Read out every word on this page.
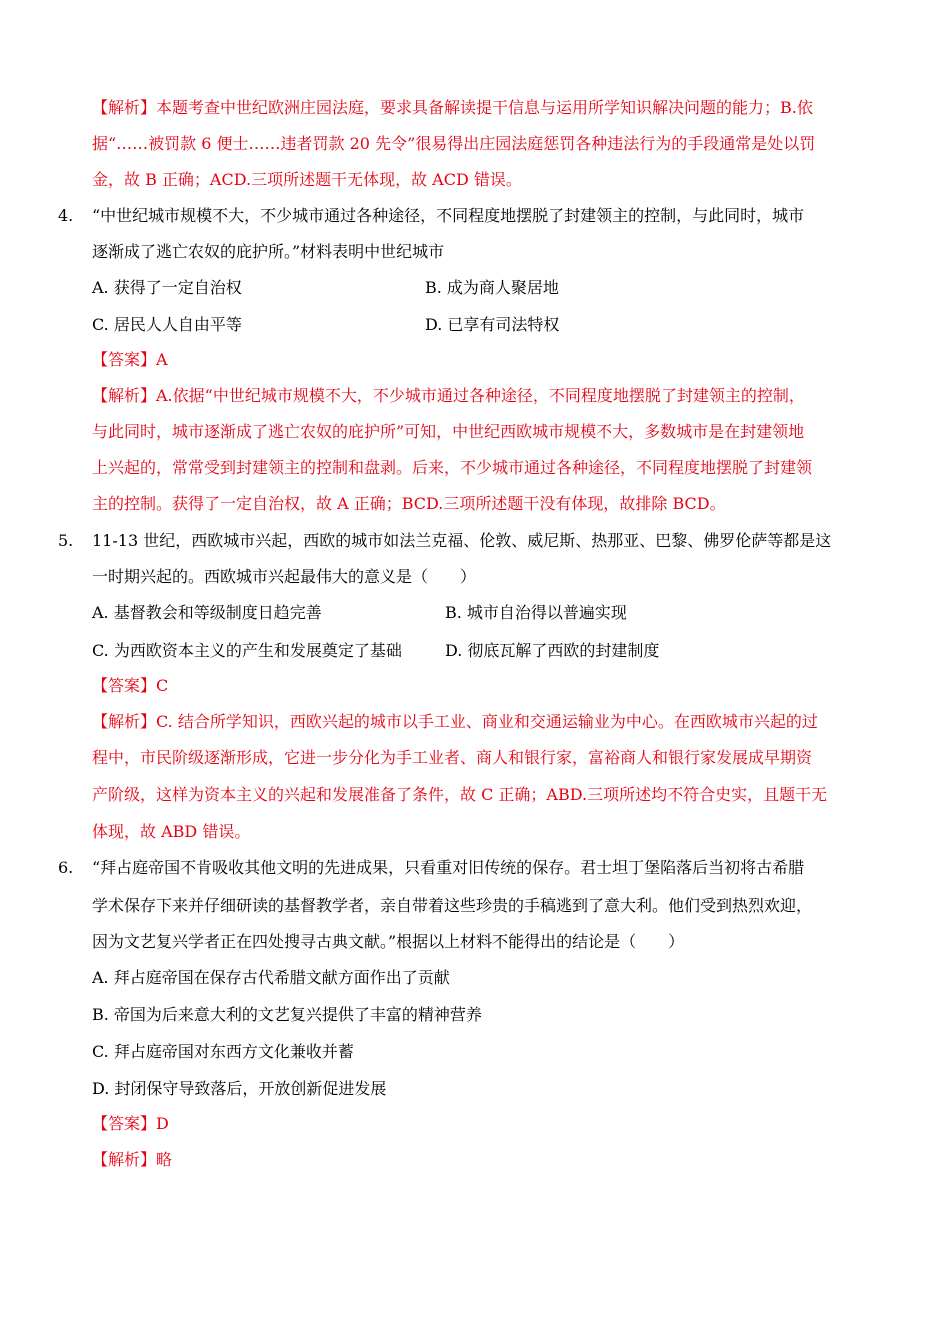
【解析】本题考查中世纪欧洲庄园法庭，要求具备解读提干信息与运用所学知识解决问题的能力；B.依
据“……被罚款 6 便士……违者罚款 20 先令”很易得出庄园法庭惩罚各种违法行为的手段通常是处以罚
金，故 B 正确；ACD.三项所述题干无体现，故 ACD 错误。
4. “中世纪城市规模不大，不少城市通过各种途径，不同程度地摆脱了封建领主的控制，与此同时，城市
逐渐成了逃亡农奴的庇护所。”材料表明中世纪城市
A. 获得了一定自治权	B. 成为商人聚居地
C. 居民人人自由平等	D. 已享有司法特权
【答案】A
【解析】A.依据“中世纪城市规模不大，不少城市通过各种途径，不同程度地摆脱了封建领主的控制，
与此同时，城市逐渐成了逃亡农奴的庇护所”可知，中世纪西欧城市规模不大，多数城市是在封建领地
上兴起的，常常受到封建领主的控制和盘剥。后来，不少城市通过各种途径，不同程度地摆脱了封建领
主的控制。获得了一定自治权，故 A 正确；BCD.三项所述题干没有体现，故排除 BCD。
5. 11-13 世纪，西欧城市兴起，西欧的城市如法兰克福、伦敦、威尼斯、热那亚、巴黎、佛罗伦萨等都是这
一时期兴起的。西欧城市兴起最伟大的意义是（　　）
A. 基督教会和等级制度日趋完善	B. 城市自治得以普遍实现
C. 为西欧资本主义的产生和发展奠定了基础	D. 彻底瓦解了西欧的封建制度
【答案】C
【解析】C. 结合所学知识，西欧兴起的城市以手工业、商业和交通运输业为中心。在西欧城市兴起的过
程中，市民阶级逐渐形成，它进一步分化为手工业者、商人和银行家，富裕商人和银行家发展成早期资
产阶级，这样为资本主义的兴起和发展准备了条件，故 C 正确；ABD.三项所述均不符合史实，且题干无
体现，故 ABD 错误。
6. “拜占庭帝国不肯吸收其他文明的先进成果，只看重对旧传统的保存。君士坦丁堡陷落后当初将古希腊
学术保存下来并仔细研读的基督教学者，亲自带着这些珍贵的手稿逃到了意大利。他们受到热烈欢迎，
因为文艺复兴学者正在四处搜寻古典文献。”根据以上材料不能得出的结论是（　　）
A. 拜占庭帝国在保存古代希腊文献方面作出了贡献
B. 帝国为后来意大利的文艺复兴提供了丰富的精神营养
C. 拜占庭帝国对东西方文化兼收并蓄
D. 封闭保守导致落后，开放创新促进发展
【答案】D
【解析】略
